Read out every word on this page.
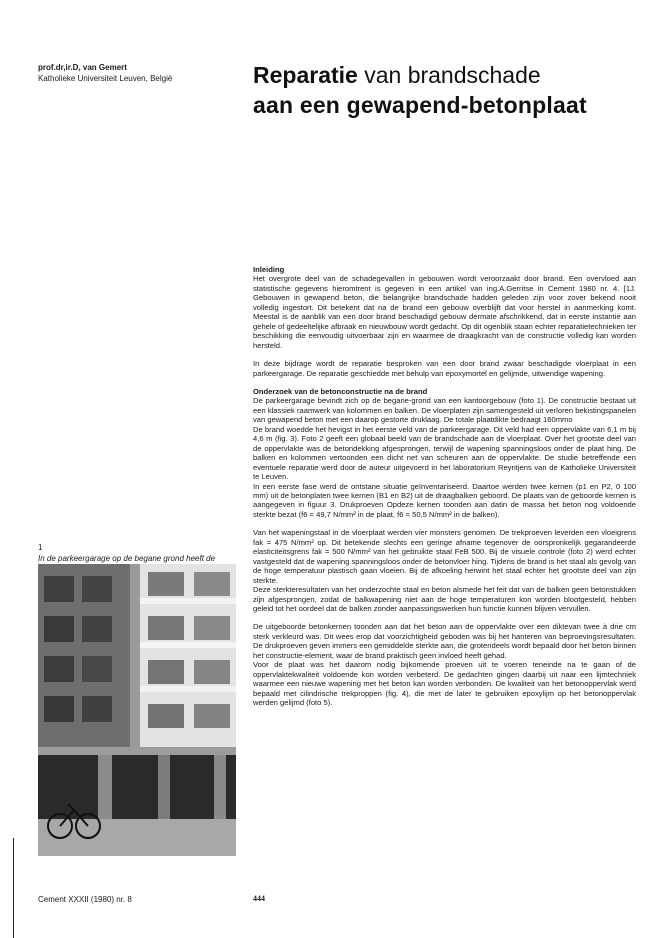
prof.dr,ir.D, van Gemert
Katholieke Universiteit Leuven, België	Reparatie van brandschade
aan een gewapend-betonplaat
1
In de parkeergarage op de begane grond heeft de
Inleiding

Het overgrote deel van de schadegevallen in gebouwen wordt veroorzaakt door brand. Een overvloed aan statistische gegevens hieromtrent is gegeven in een artikel van ing.A.Gerritse in Cement 1980 nr. 4. [1J. Gebouwen in gewapend beton, die belangrijke brandschade hadden geleden zijn voor zover bekend nooit volledig ingestort. Dit betekent dat na de brand een gebouw overblijft dat voor herstel in aanmerking komt. Meestal is de aanblik van een door brand beschadigd gebouw dermate afschrikkend, dat in eerste instantie aan gehele of gedeeltelijke afbraak en nieuwbouw wordt gedacht. Op dit ogenblik staan echter reparatietechnieken ter beschikking die eenvoudig uitvoerbaar zijn en waarmee de draagkracht van de constructie volledig kan worden hersteld.

In deze bijdrage wordt de reparatie besproken van een door brand zwaar beschadigde vloerplaat in een parkeergarage. De reparatie geschiedde met behulp van epoxymortel en gelijmde, uitwendige wapening.

Onderzoek van de betonconstructie na de brand

De parkeergarage bevindt zich op de begane-grond van een kantoorgebouw (foto 1). De constructie bestaat uit een klassiek raamwerk van kolommen en balken. De vloerplaten zijn samengesteld uit verloren bekistingspanelen van gewapend beton met een daarop gestorte druklaag. De totale plaatdikte bedraagt 160mmo

De brand woedde het hevigst in het eerste veld van de parkeergarage. Dit veld had een oppervlakte van 6,1 m bij 4,6 m (fig. 3). Foto 2 geeft een globaal beeld van de brandschade aan de vloerplaat. Over het grootste deel van de oppervlakte was de betondekking afgesprongen, terwijl de wapening spanningsloos onder de plaat hing. De balken en kolommen vertoonden een dicht net van scheuren aan de oppervlakte. De studie betreffende een eventuele reparatie werd door de auteur uitgevoerd in het laboratorium Reyntjens van de Katholieke Universiteit te Leuven.

In een eerste fase werd de ontstane situatie geïnventariseerd. Daartoe werden twee kernen (p1 en P2, 0 100 mm) uit de betonplaten twee kernen (B1 en B2) uit de draagbalken geboord. De plaats van de geboorde kernen is aangegeven in figuur 3. Drukproeven Opdeze kernen toonden aan datin de massa het beton nog voldoende sterkte bezat (f6 = 49,7 N/mm² in de plaat, f6 = 50,5 N/mm² in de balken).

Van het wapeningstaal in de vloerplaat werden vier monsters genomen. De trekproeven leverden een vloeigrens fak = 475 N/mm² op. Dit betekende slechts een geringe afname tegenover de oorspronkelijk gegarandeerde elasticiteitsgrens fak = 500 N/mm² van het gebruikte staal FeB 500. Bij de visuele controle (foto 2) werd echter vastgesteld dat de wapening spanningsloos onder de betonvloer hing. Tijdens de brand is het staal als gevolg van de hoge temperatuur plastisch gaan vloeien. Bij de afkoeling herwint het staal echter het grootste deel van zijn sterkte.

Deze sterkteresultaten van het onderzochte staal en beton alsmede het feit dat van de balken geen betonstukken zijn afgesprongen, zodat de balkwapening niet aan de hoge temperaturen kon worden blootgesteld, hebben geleid tot het oordeel dat de balken zonder aanpassingswerken hun functie kunnen blijven vervullen.

De uitgeboorde betonkernen toonden aan dat het beton aan de oppervlakte over een diktevan twee à drie cm sterk verkleurd was. Dit wees erop dat voorzichtigheid geboden was bij het hanteren van beproevingsresultaten. De drukproeven geven immers een gemiddelde sterkte aan, die grotendeels wordt bepaald door het beton binnen het constructie-element, waar de brand praktisch geen invloed heeft gehad.

Voor de plaat was het daarom nodig bijkomende proeven uit te voeren teneinde na te gaan of de oppervlaktekwaliteit voldoende kon worden verbeterd. De gedachten gingen daarbij uit naar een lijmtechniek waarmee een nieuwe wapening met het beton kan worden verbonden. De kwaliteit van het betonoppervlak werd bepaald met cilindrische trekproppen (fig. 4), die met de later te gebruiken epoxylijm op het betonoppervlak werden gelijmd (foto 5).

Cement XXXII (1980) nr. 8	444
